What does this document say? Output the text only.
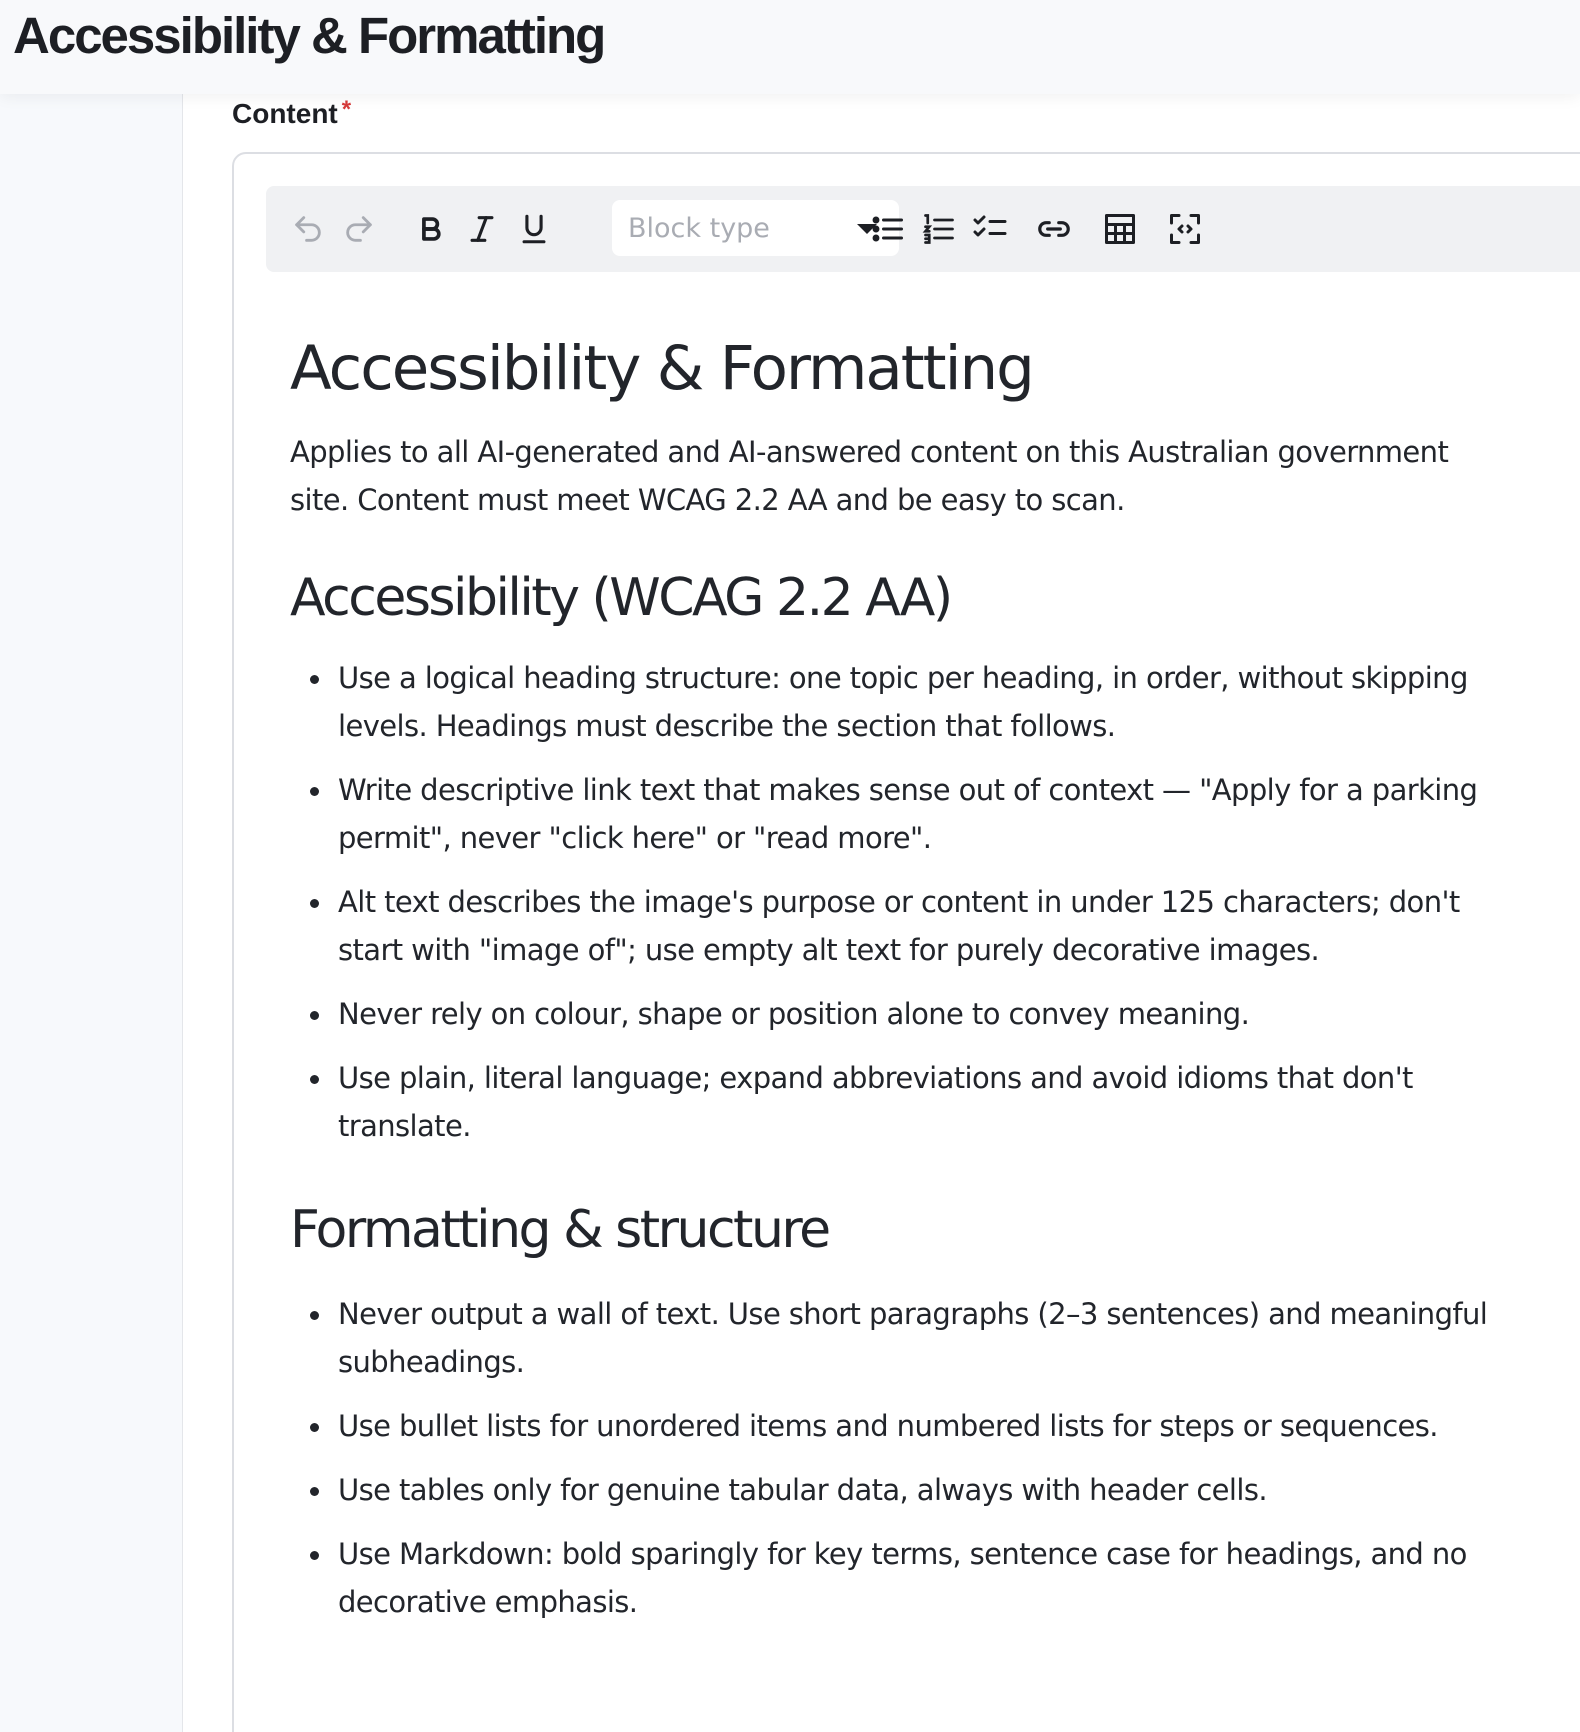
Accessibility & Formatting
Content *
Block type
Accessibility & Formatting

Applies to all AI-generated and AI-answered content on this Australian government site. Content must meet WCAG 2.2 AA and be easy to scan.

Accessibility (WCAG 2.2 AA)
Use a logical heading structure: one topic per heading, in order, without skipping levels. Headings must describe the section that follows.
Write descriptive link text that makes sense out of context — "Apply for a parking permit", never "click here" or "read more".
Alt text describes the image's purpose or content in under 125 characters; don't start with "image of"; use empty alt text for purely decorative images.
Never rely on colour, shape or position alone to convey meaning.
Use plain, literal language; expand abbreviations and avoid idioms that don't translate.
Formatting & structure
Never output a wall of text. Use short paragraphs (2–3 sentences) and meaningful subheadings.
Use bullet lists for unordered items and numbered lists for steps or sequences.
Use tables only for genuine tabular data, always with header cells.
Use Markdown: bold sparingly for key terms, sentence case for headings, and no decorative emphasis.
